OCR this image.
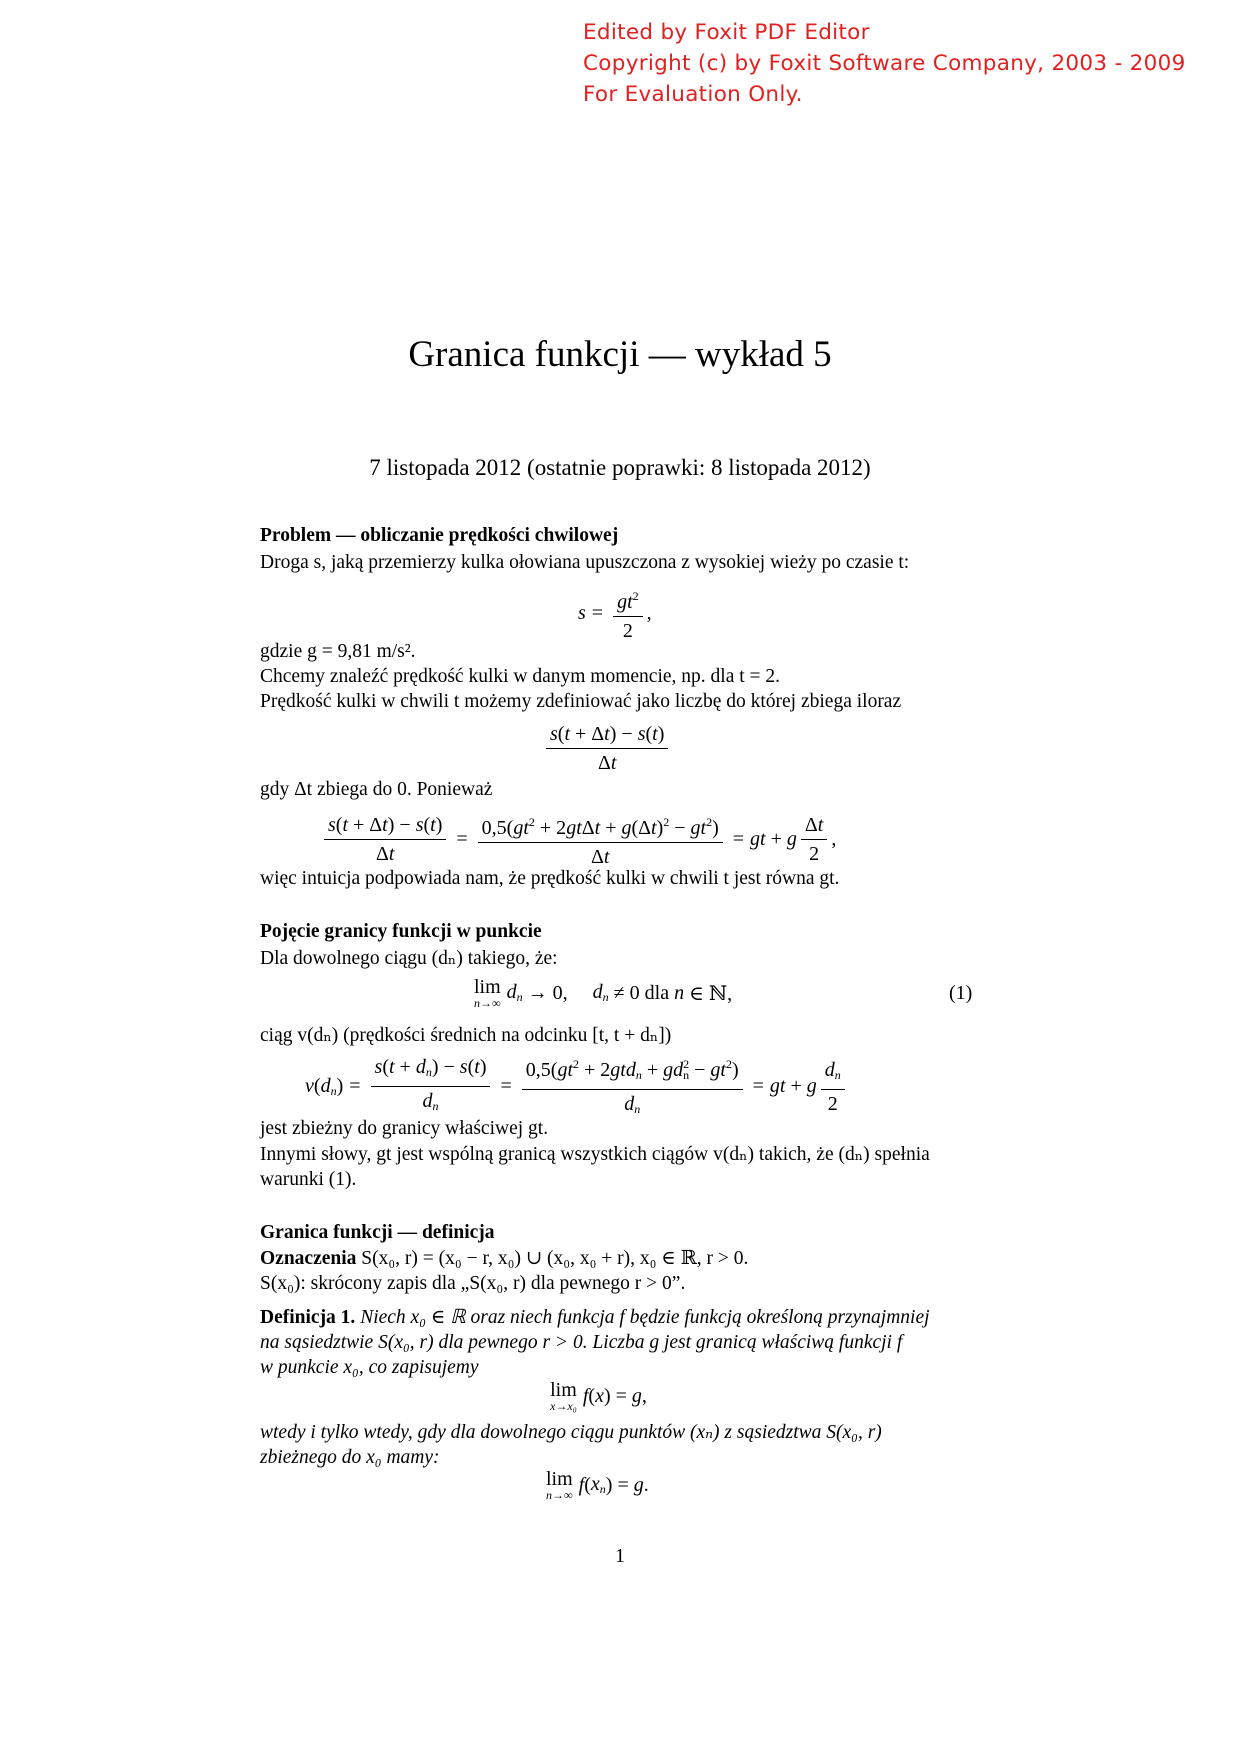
Edited by Foxit PDF Editor
Copyright (c) by Foxit Software Company, 2003 - 2009
For Evaluation Only.
Granica funkcji — wykład 5
7 listopada 2012 (ostatnie poprawki: 8 listopada 2012)
Problem — obliczanie prędkości chwilowej
Droga s, jaką przemierzy kulka ołowiana upuszczona z wysokiej wieży po czasie t:
$s = \frac{gt^2}{2}$ ,
gdzie g = 9,81 m/s².
Chcemy znaleźć prędkość kulki w danym momencie, np. dla t = 2.
Prędkość kulki w chwili t możemy zdefiniować jako liczbę do której zbiega iloraz
$\frac{s(t + \Delta t) - s(t)}{\Delta t}$
gdy Δt zbiega do 0. Ponieważ
$\frac{s(t + \Delta t) - s(t)}{\Delta t} = \frac{0,5(gt^2 + 2gt\Delta t + g(\Delta t)^2 - gt^2)}{\Delta t}$ = gt + g $\frac{\Delta t}{2}$ ,
więc intuicja podpowiada nam, że prędkość kulki w chwili t jest równa gt.
Pojęcie granicy funkcji w punkcie
Dla dowolnego ciągu (dₙ) takiego, że:
lim
n→∞ $d_n \to 0$, $d_n \ne 0$ dla n ∈ ℕ,	(1)
ciąg v(dₙ) (prędkości średnich na odcinku [t, t + dₙ])
v ( $d_n$ ) = $\frac{s(t + d_n) - s(t)}{d_n} = \frac{0,5(gt^2 + 2gtd_n + gd^2_n - gt^2)}{d_n}$ = gt + g $\frac{d_n}{2}$
jest zbieżny do granicy właściwej gt.
Innymi słowy, gt jest wspólną granicą wszystkich ciągów v(dₙ) takich, że (dₙ) spełnia
warunki (1).
Granica funkcji — definicja
Oznaczenia S(x₀, r) = (x₀ − r, x₀) ∪ (x₀, x₀ + r), x₀ ∈ ℝ, r > 0.
S(x₀): skrócony zapis dla „S(x₀, r) dla pewnego r > 0”.
Definicja 1. Niech x₀ ∈ ℝ oraz niech funkcja f będzie funkcją określoną przynajmniej
na sąsiedztwie S(x₀, r) dla pewnego r > 0. Liczba g jest granicą właściwą funkcji f
w punkcie x₀, co zapisujemy
lim
x→x₀ f ( x ) = g ,
wtedy i tylko wtedy, gdy dla dowolnego ciągu punktów (xₙ) z sąsiedztwa S(x₀, r)
zbieżnego do x₀ mamy:
lim
n→∞ f ( $x_n$ ) = g .
1
